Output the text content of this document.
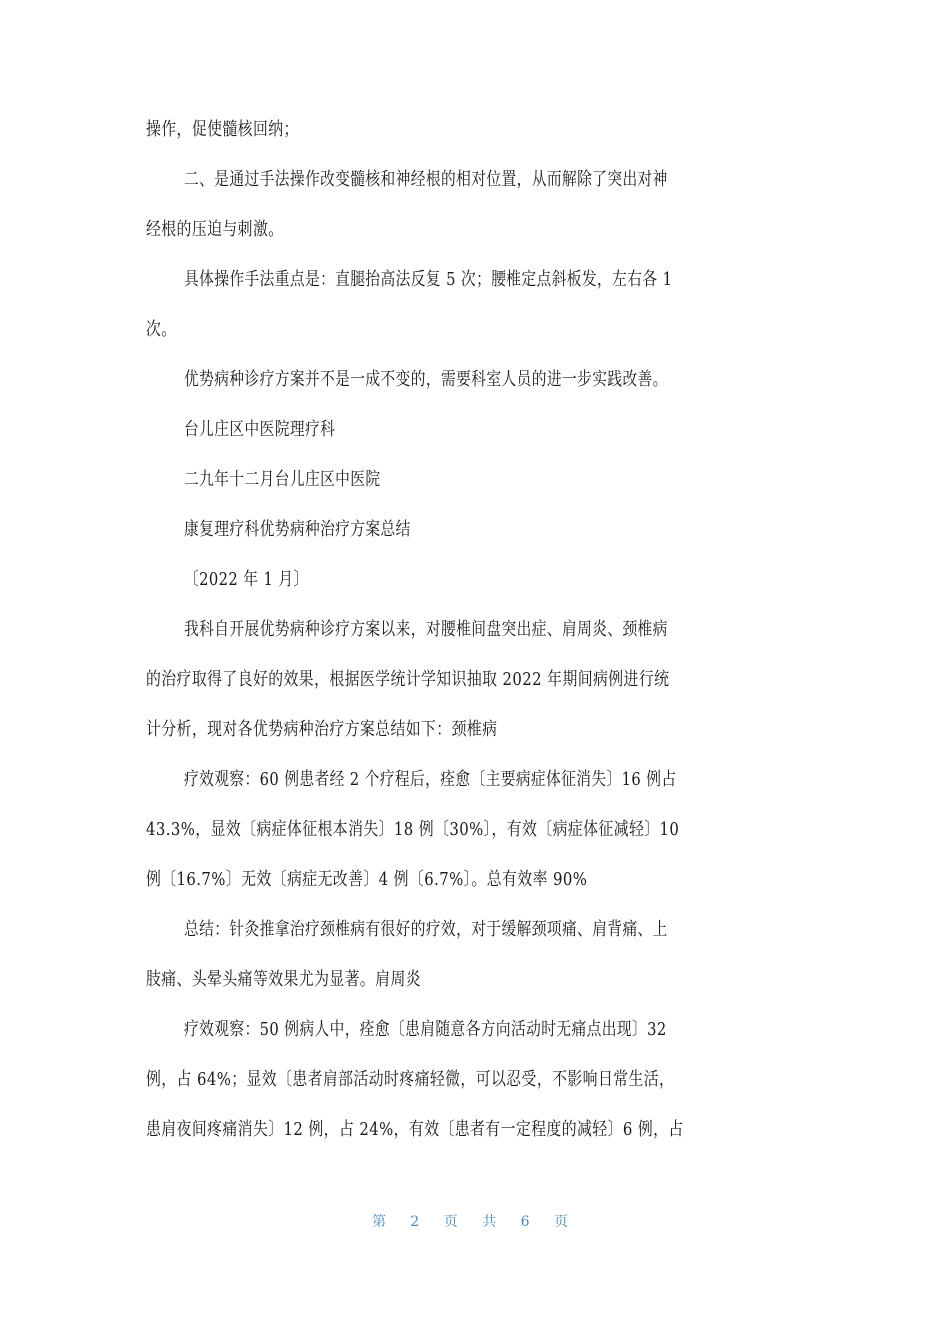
操作，促使髓核回纳；
二、是通过手法操作改变髓核和神经根的相对位置，从而解除了突出对神
经根的压迫与刺激。
具体操作手法重点是：直腿抬高法反复 5 次；腰椎定点斜板发，左右各 1
次。
优势病种诊疗方案并不是一成不变的，需要科室人员的进一步实践改善。
台儿庄区中医院理疗科
二九年十二月台儿庄区中医院
康复理疗科优势病种治疗方案总结
〔2022 年 1 月〕
我科自开展优势病种诊疗方案以来，对腰椎间盘突出症、肩周炎、颈椎病
的治疗取得了良好的效果，根据医学统计学知识抽取 2022 年期间病例进行统
计分析，现对各优势病种治疗方案总结如下：颈椎病
疗效观察：60 例患者经 2 个疗程后，痊愈〔主要病症体征消失〕16 例占
43.3%，显效〔病症体征根本消失〕18 例〔30%〕，有效〔病症体征减轻〕10
例〔16.7%〕无效〔病症无改善〕4 例〔6.7%〕。总有效率 90%
总结：针灸推拿治疗颈椎病有很好的疗效，对于缓解颈项痛、肩背痛、上
肢痛、头晕头痛等效果尤为显著。肩周炎
疗效观察：50 例病人中，痊愈〔患肩随意各方向活动时无痛点出现〕32
例，占 64%；显效〔患者肩部活动时疼痛轻微，可以忍受，不影响日常生活，
患肩夜间疼痛消失〕12 例，占 24%，有效〔患者有一定程度的减轻〕6 例，占
第 2 页 共 6 页
